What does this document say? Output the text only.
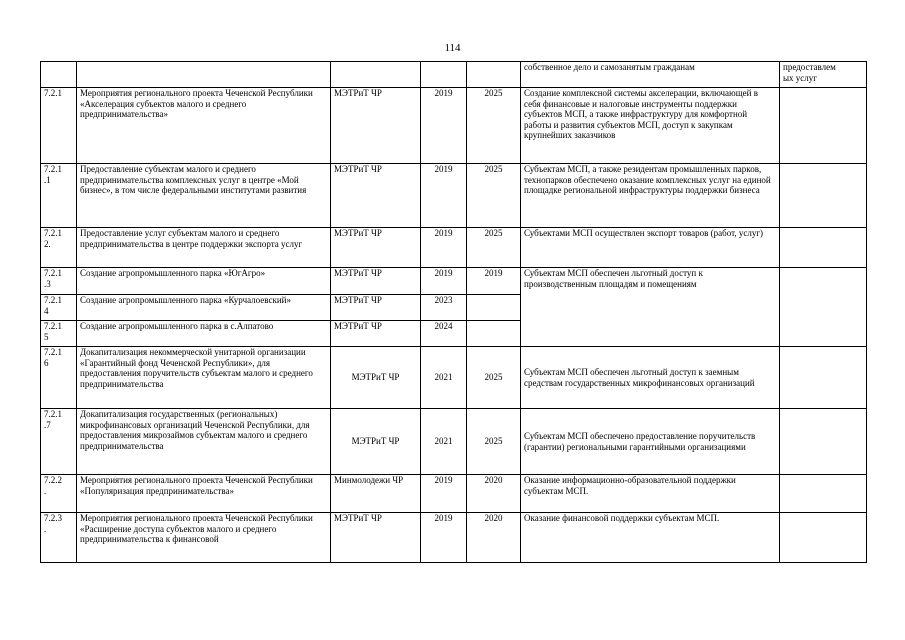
114
					собственное дело и самозанятым гражданам	предоставлем
ых услуг
7.2.1	Мероприятия регионального проекта Чеченской Республики «Акселерация субъектов малого и среднего предпринимательства»	МЭТРиТ ЧР	2019	2025	Создание комплексной системы акселерации, включающей в себя финансовые и налоговые инструменты поддержки субъектов МСП, а также инфраструктуру для комфортной работы и развития субъектов МСП, доступ к закупкам крупнейших заказчиков	
7.2.1
.1	Предоставление субъектам малого и среднего предпринимательства комплексных услуг в центре «Мой бизнес», в том числе федеральными институтами развития	МЭТРиТ ЧР	2019	2025	Субъектам МСП, а также резидентам промышленных парков, технопарков обеспечено оказание комплексных услуг на единой площадке региональной инфраструктуры поддержки бизнеса	
7.2.1
2.	Предоставление услуг субъектам малого и среднего предпринимательства в центре поддержки экспорта услуг	МЭТРиТ ЧР	2019	2025	Субъектами МСП осуществлен экспорт товаров (работ, услуг)	
7.2.1
.3	Создание агропромышленного парка «ЮгАгро»	МЭТРиТ ЧР	2019	2019	Субъектам МСП обеспечен льготный доступ к производственным площадям и помещениям	
7.2.1
4	Создание агропромышленного парка «Курчалоевский»	МЭТРиТ ЧР	2023			
7.2.1
5	Создание агропромышленного парка в с.Алпатово	МЭТРиТ ЧР	2024			
7.2.1
6	Докапитализация некоммерческой унитарной организации «Гарантийный фонд Чеченской Республики», для предоставления поручительств субъектам малого и среднего предпринимательства	МЭТРиТ ЧР	2021	2025	Субъектам МСП обеспечен льготный доступ к заемным средствам государственных микрофинансовых организаций	
7.2.1
.7	Докапитализация государственных (региональных) микрофинансовых организаций Чеченской Республики, для предоставления микрозаймов субъектам малого и среднего предпринимательства	МЭТРиТ ЧР	2021	2025	Субъектам МСП обеспечено предоставление поручительств (гарантии) региональными гарантийными организациями	
7.2.2
.	Мероприятия регионального проекта Чеченской Республики «Популяризация предпринимательства»	Минмолодежи ЧР	2019	2020	Оказание информационно-образовательной поддержки субъектам МСП.	
7.2.3
.	Мероприятия регионального проекта Чеченской Республики «Расширение доступа субъектов малого и среднего предпринимательства к финансовой	МЭТРиТ ЧР	2019	2020	Оказание финансовой поддержки субъектам МСП.	
